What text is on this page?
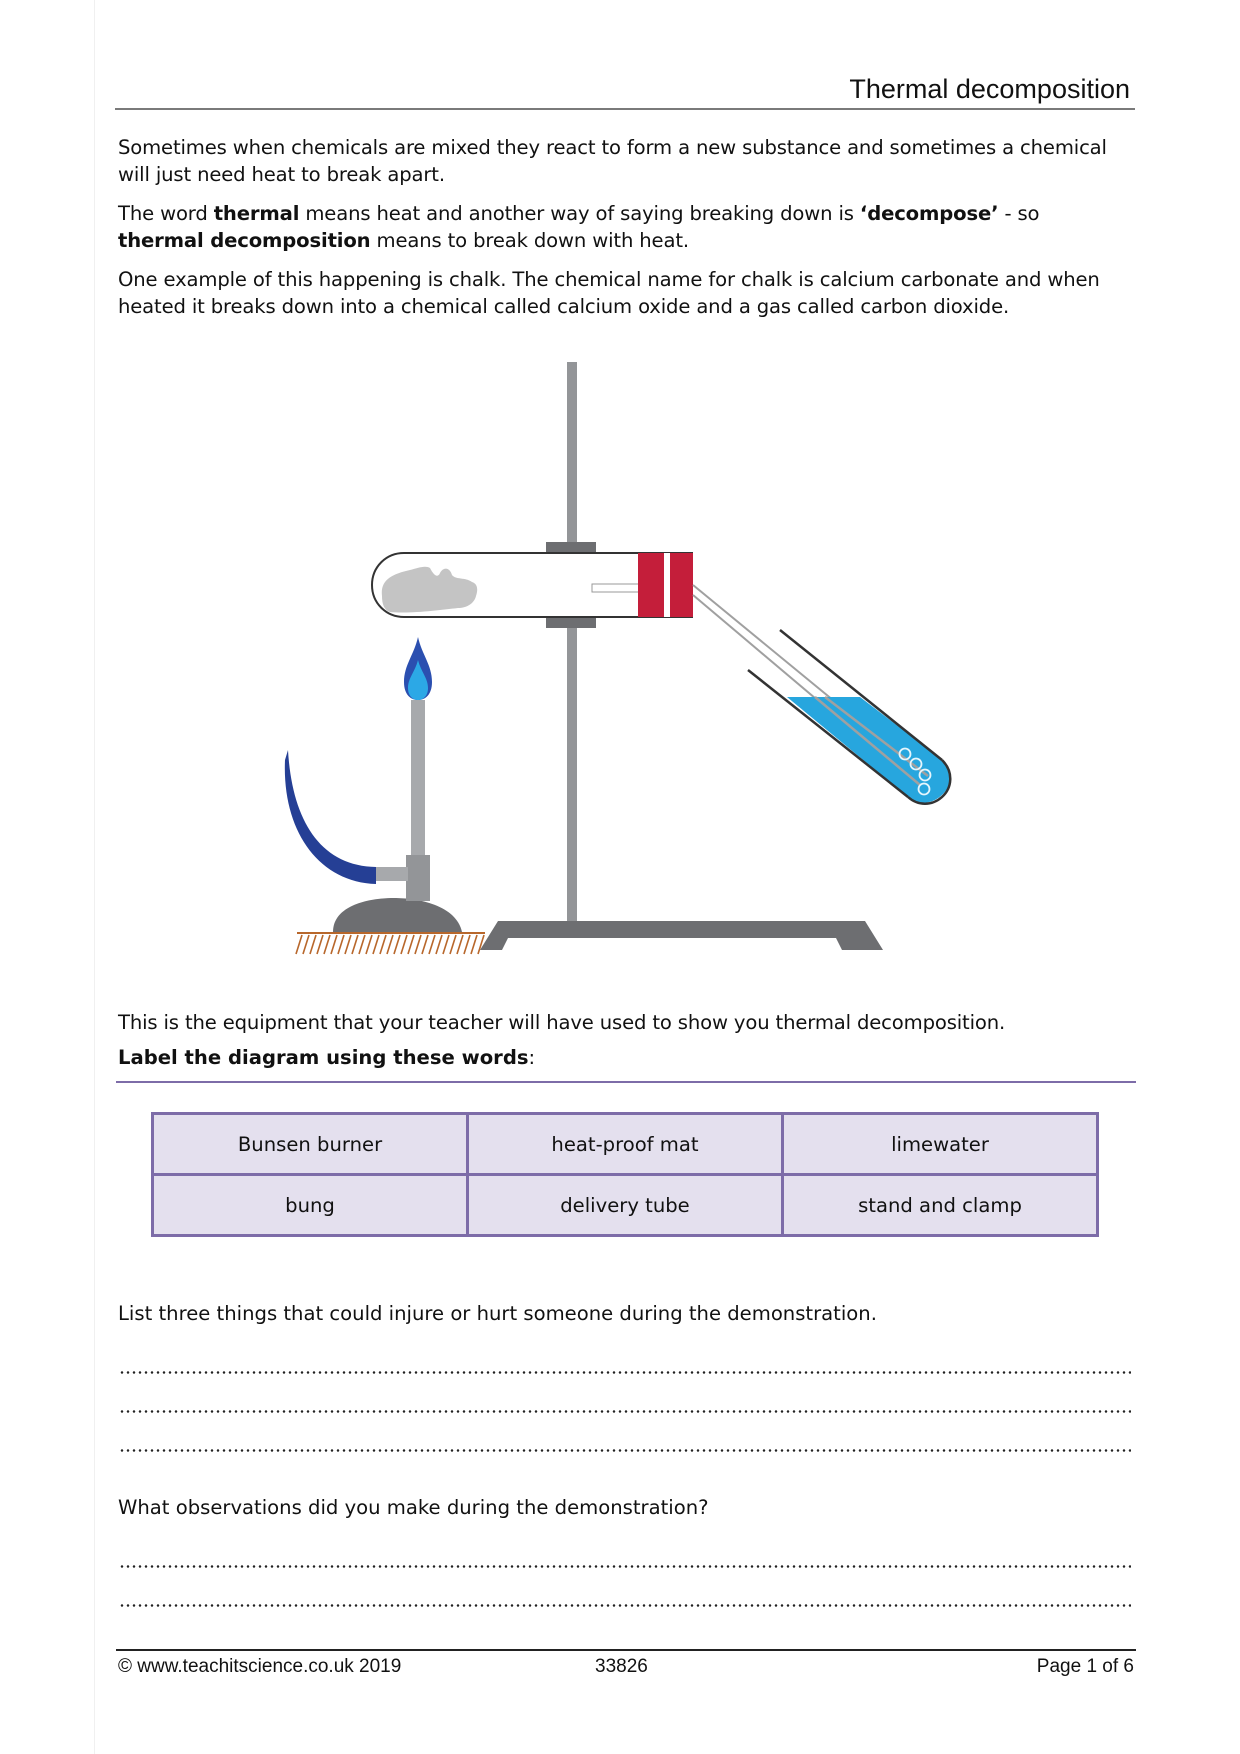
Thermal decomposition
Sometimes when chemicals are mixed they react to form a new substance and sometimes a chemical will just need heat to break apart.
The word thermal means heat and another way of saying breaking down is ‘decompose’ - so thermal decomposition means to break down with heat.
One example of this happening is chalk. The chemical name for chalk is calcium carbonate and when heated it breaks down into a chemical called calcium oxide and a gas called carbon dioxide.
This is the equipment that your teacher will have used to show you thermal decomposition.
Label the diagram using these words:
Bunsen burner	heat-proof mat	limewater
bung	delivery tube	stand and clamp
List three things that could injure or hurt someone during the demonstration.
What observations did you make during the demonstration?
© www.teachitscience.co.uk 2019	33826	Page 1 of 6
